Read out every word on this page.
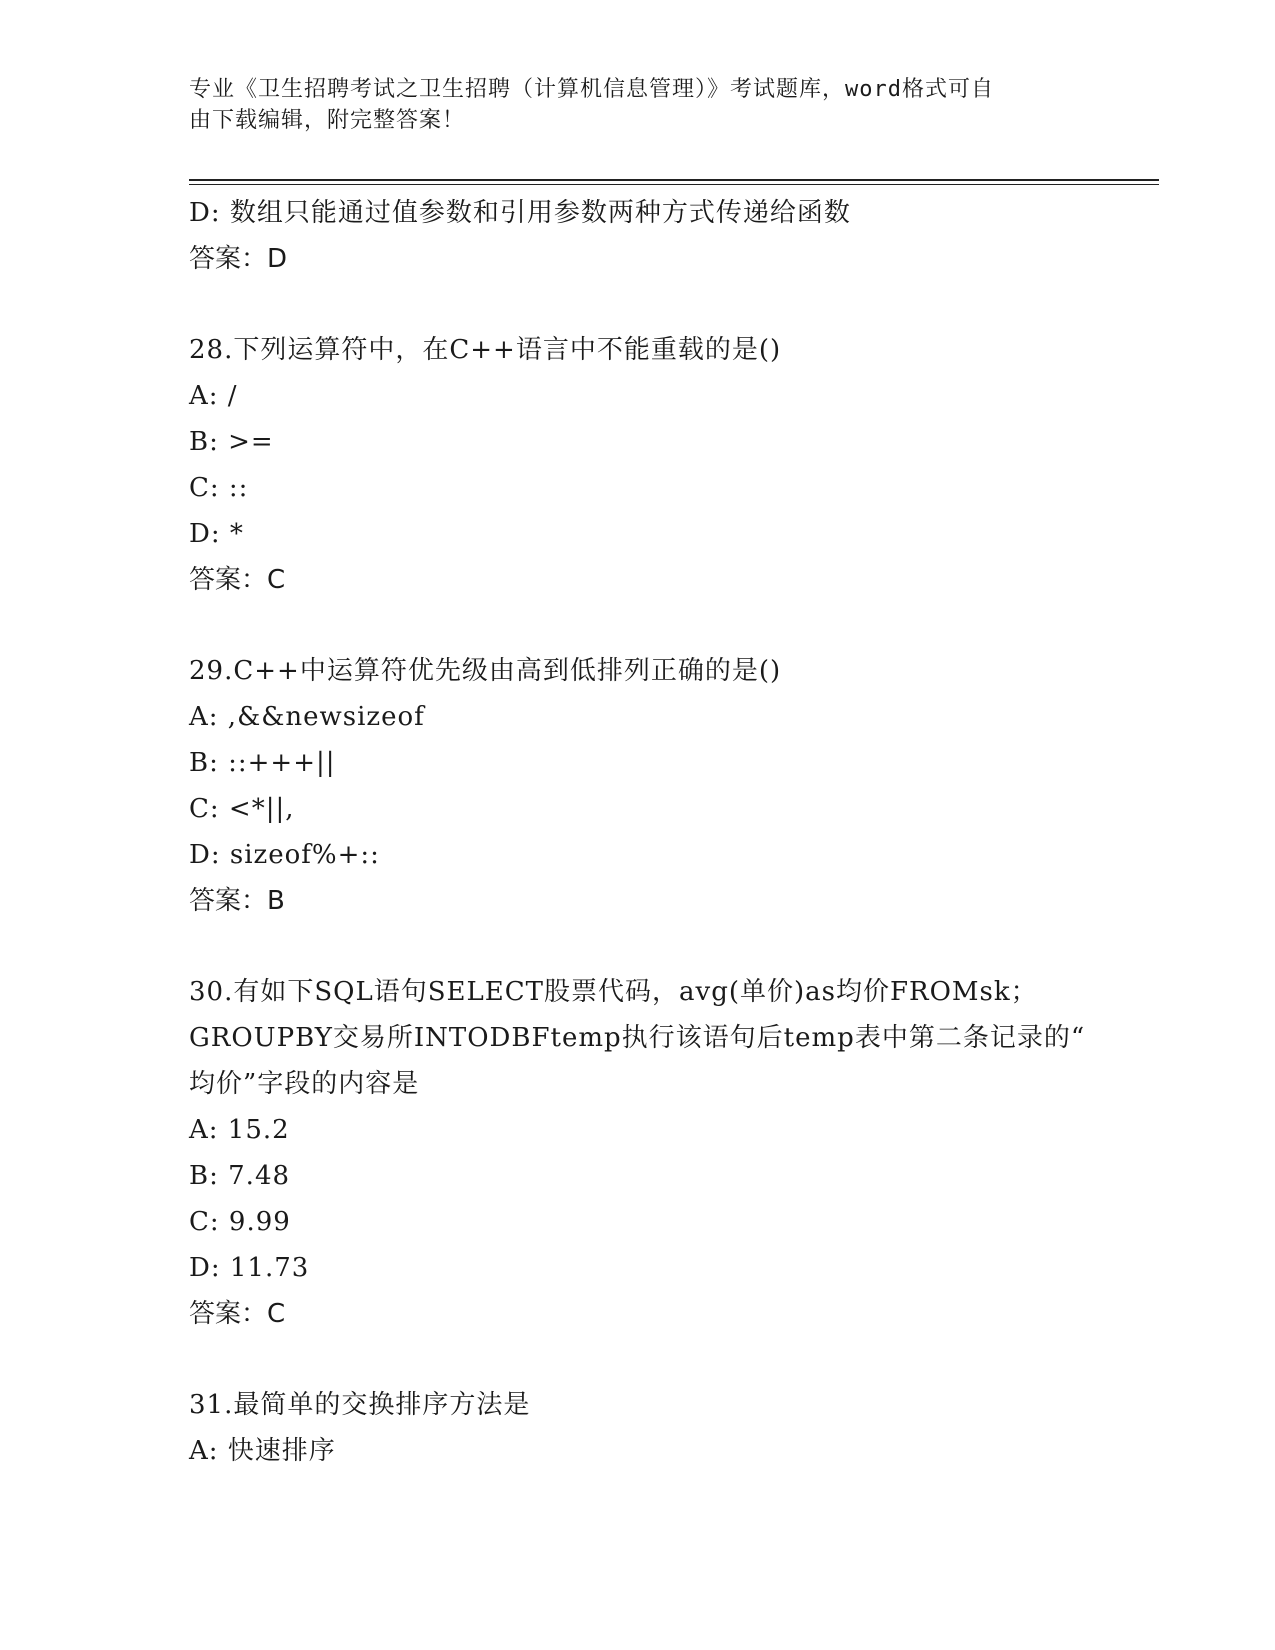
专业《卫生招聘考试之卫生招聘（计算机信息管理）》考试题库，word格式可自
由下载编辑，附完整答案！
D: 数组只能通过值参数和引用参数两种方式传递给函数
答案：D
28.下列运算符中，在C++语言中不能重载的是()
A: /
B: >=
C: ::
D: *
答案：C
29.C++中运算符优先级由高到低排列正确的是()
A: ,&&newsizeof
B: ::+++||
C: <*||,
D: sizeof%+::
答案：B
30.有如下SQL语句SELECT股票代码，avg(单价)as均价FROMsk；
GROUPBY交易所INTODBFtemp执行该语句后temp表中第二条记录的“
均价”字段的内容是
A: 15.2
B: 7.48
C: 9.99
D: 11.73
答案：C
31.最简单的交换排序方法是
A: 快速排序
